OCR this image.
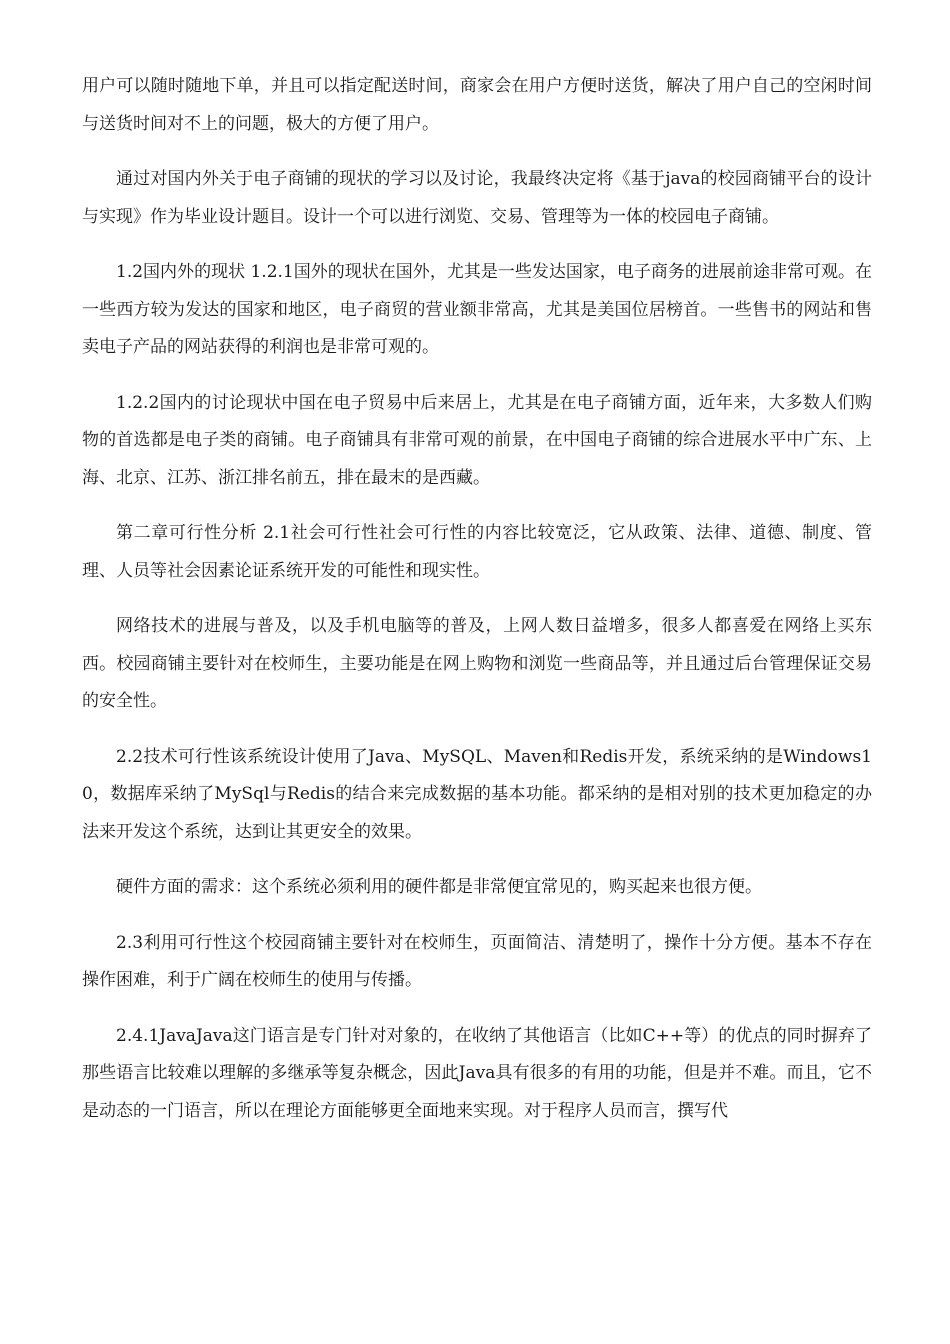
用户可以随时随地下单，并且可以指定配送时间，商家会在用户方便时送货，解决了用户自己的空闲时间与送货时间对不上的问题，极大的方便了用户。

通过对国内外关于电子商铺的现状的学习以及讨论，我最终决定将《基于java的校园商铺平台的设计与实现》作为毕业设计题目。设计一个可以进行浏览、交易、管理等为一体的校园电子商铺。

1.2国内外的现状 1.2.1国外的现状在国外，尤其是一些发达国家，电子商务的进展前途非常可观。在一些西方较为发达的国家和地区，电子商贸的营业额非常高，尤其是美国位居榜首。一些售书的网站和售卖电子产品的网站获得的利润也是非常可观的。

1.2.2国内的讨论现状中国在电子贸易中后来居上，尤其是在电子商铺方面，近年来，大多数人们购物的首选都是电子类的商铺。电子商铺具有非常可观的前景，在中国电子商铺的综合进展水平中广东、上海、北京、江苏、浙江排名前五，排在最末的是西藏。

第二章可行性分析 2.1社会可行性社会可行性的内容比较宽泛，它从政策、法律、道德、制度、管理、人员等社会因素论证系统开发的可能性和现实性。

网络技术的进展与普及，以及手机电脑等的普及，上网人数日益增多，很多人都喜爱在网络上买东西。校园商铺主要针对在校师生，主要功能是在网上购物和浏览一些商品等，并且通过后台管理保证交易的安全性。

2.2技术可行性该系统设计使用了Java、MySQL、Maven和Redis开发，系统采纳的是Windows10，数据库采纳了MySql与Redis的结合来完成数据的基本功能。都采纳的是相对别的技术更加稳定的办法来开发这个系统，达到让其更安全的效果。

硬件方面的需求：这个系统必须利用的硬件都是非常便宜常见的，购买起来也很方便。

2.3利用可行性这个校园商铺主要针对在校师生，页面简洁、清楚明了，操作十分方便。基本不存在操作困难，利于广阔在校师生的使用与传播。

2.4.1JavaJava这门语言是专门针对对象的，在收纳了其他语言（比如C++等）的优点的同时摒弃了那些语言比较难以理解的多继承等复杂概念，因此Java具有很多的有用的功能，但是并不难。而且，它不是动态的一门语言，所以在理论方面能够更全面地来实现。对于程序人员而言，撰写代
